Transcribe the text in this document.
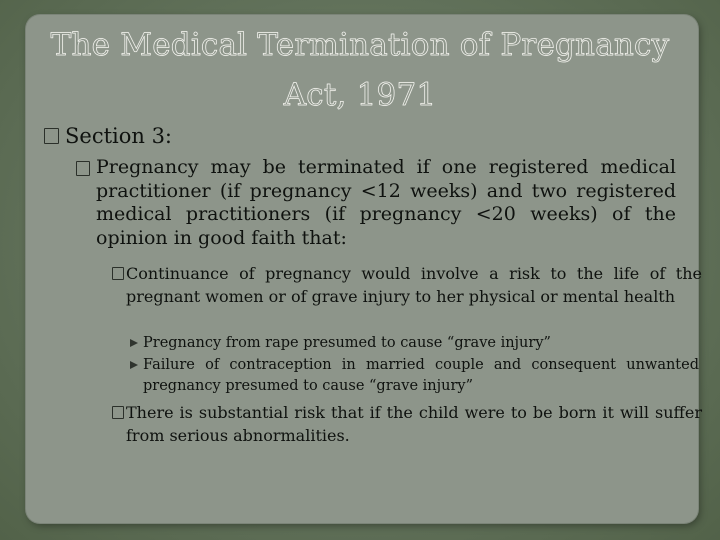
The Medical Termination of Pregnancy
Act, 1971
Section 3:
Pregnancy may be terminated if one registered medical practitioner (if pregnancy <12 weeks) and two registered medical practitioners (if pregnancy <20 weeks) of the opinion in good faith that:
Continuance of pregnancy would involve a risk to the life of the pregnant women or of grave injury to her physical or mental health
Pregnancy from rape presumed to cause “grave injury”
Failure of contraception in married couple and consequent unwanted pregnancy presumed to cause “grave injury”
There is substantial risk that if the child were to be born it will suffer from serious abnormalities.
